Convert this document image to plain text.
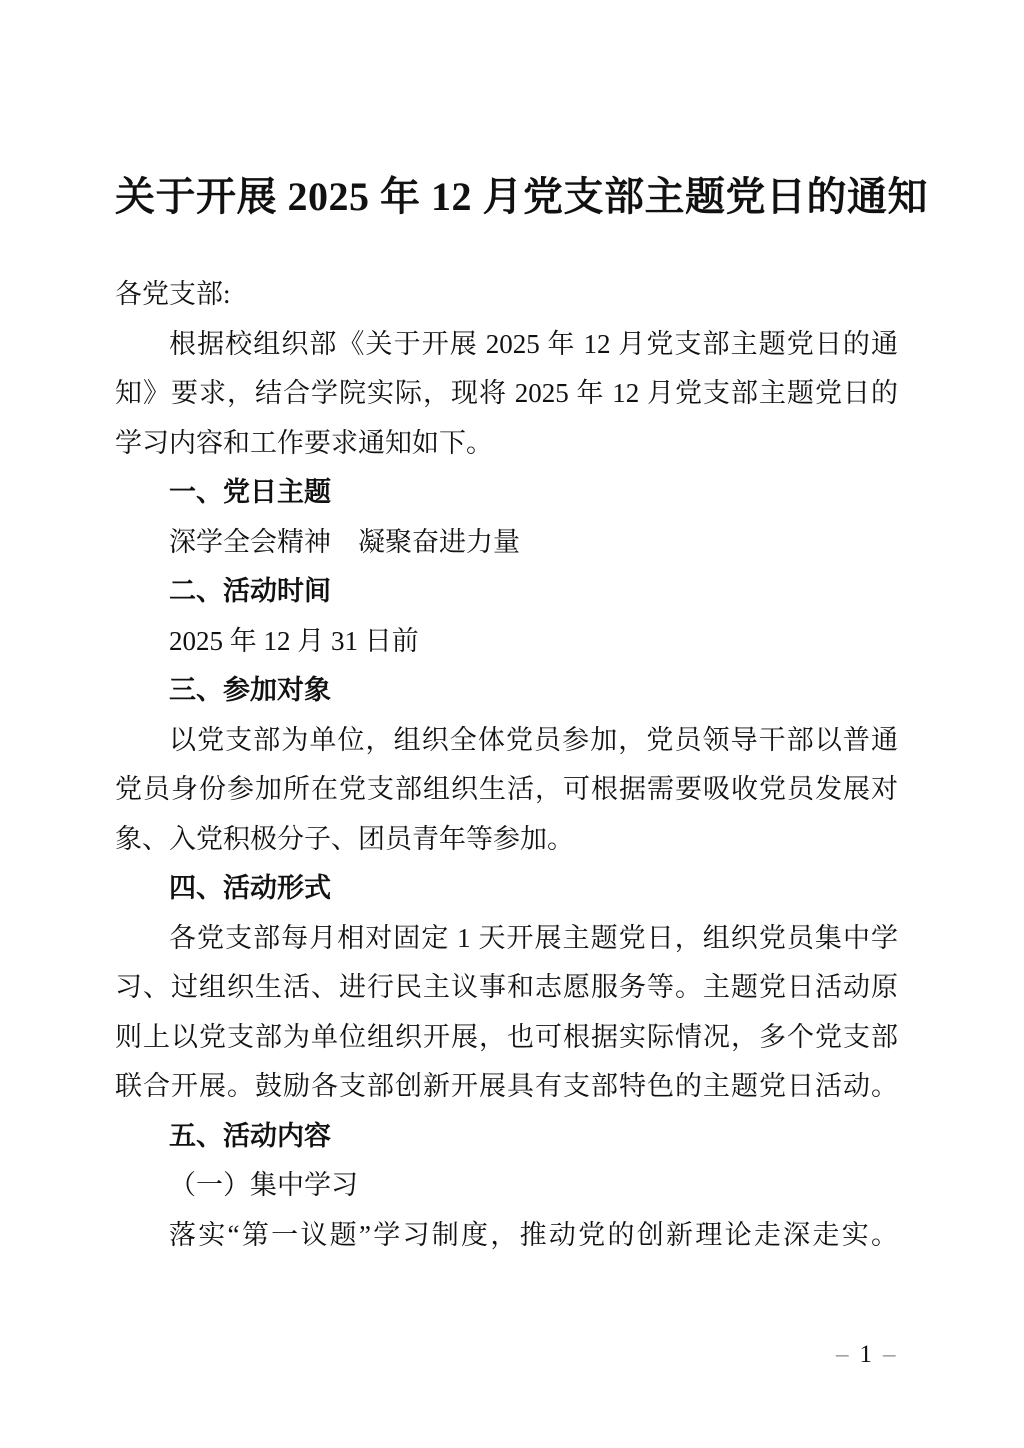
关于开展 2025 年 12 月党支部主题党日的通知
各党支部:
根据校组织部《关于开展 2025 年 12 月党支部主题党日的通
知》要求，结合学院实际，现将 2025 年 12 月党支部主题党日的
学习内容和工作要求通知如下。
一、党日主题
深学全会精神　凝聚奋进力量
二、活动时间
2025 年 12 月 31 日前
三、参加对象
以党支部为单位，组织全体党员参加，党员领导干部以普通
党员身份参加所在党支部组织生活，可根据需要吸收党员发展对
象、入党积极分子、团员青年等参加。
四、活动形式
各党支部每月相对固定 1 天开展主题党日，组织党员集中学
习、过组织生活、进行民主议事和志愿服务等。主题党日活动原
则上以党支部为单位组织开展，也可根据实际情况，多个党支部
联合开展。鼓励各支部创新开展具有支部特色的主题党日活动。
五、活动内容
（一）集中学习
落实“第一议题”学习制度，推动党的创新理论走深走实。
– 1 –
